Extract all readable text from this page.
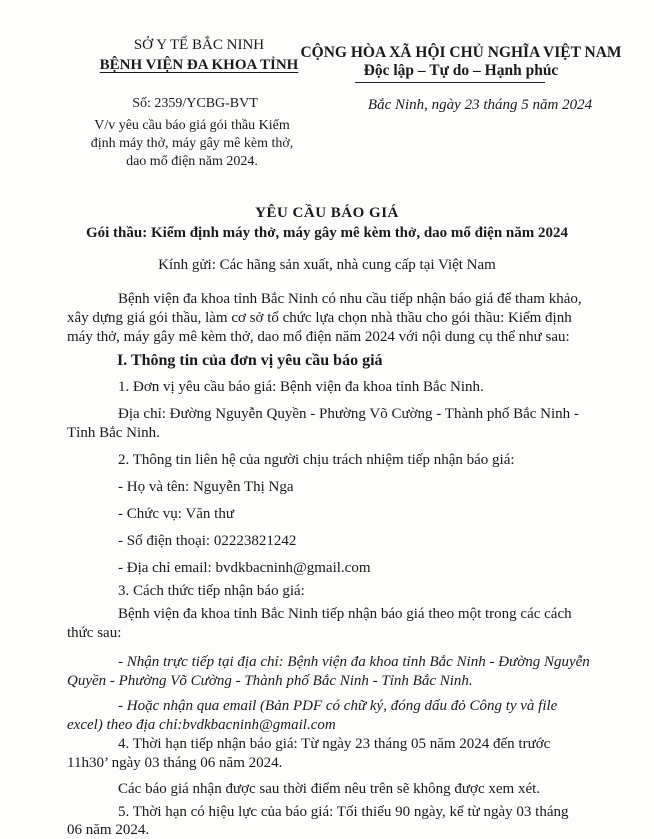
SỞ Y TẾ BẮC NINH
BỆNH VIỆN ĐA KHOA TỈNH
CỘNG HÒA XÃ HỘI CHỦ NGHĨA VIỆT NAM
Độc lập – Tự do – Hạnh phúc
Số: 2359/YCBG-BVT
V/v yêu cầu báo giá gói thầu Kiểm
định máy thở, máy gây mê kèm thở,
dao mổ điện năm 2024.
Bắc Ninh, ngày 23 tháng 5 năm 2024
YÊU CẦU BÁO GIÁ
Gói thầu: Kiểm định máy thở, máy gây mê kèm thở, dao mổ điện năm 2024
Kính gửi: Các hãng sản xuất, nhà cung cấp tại Việt Nam
Bệnh viện đa khoa tỉnh Bắc Ninh có nhu cầu tiếp nhận báo giá để tham khảo,
xây dựng giá gói thầu, làm cơ sở tổ chức lựa chọn nhà thầu cho gói thầu: Kiểm định
máy thở, máy gây mê kèm thở, dao mổ điện năm 2024 với nội dung cụ thể như sau:
I. Thông tin của đơn vị yêu cầu báo giá
1. Đơn vị yêu cầu báo giá: Bệnh viện đa khoa tỉnh Bắc Ninh.
Địa chỉ: Đường Nguyễn Quyền - Phường Võ Cường - Thành phố Bắc Ninh -
Tỉnh Bắc Ninh.
2. Thông tin liên hệ của người chịu trách nhiệm tiếp nhận báo giá:
- Họ và tên: Nguyễn Thị Nga
- Chức vụ: Văn thư
- Số điện thoại: 02223821242
- Địa chỉ email: bvdkbacninh@gmail.com
3. Cách thức tiếp nhận báo giá:
Bệnh viện đa khoa tỉnh Bắc Ninh tiếp nhận báo giá theo một trong các cách
thức sau:
- Nhận trực tiếp tại địa chỉ: Bệnh viện đa khoa tỉnh Bắc Ninh - Đường Nguyễn
Quyền - Phường Võ Cường - Thành phố Bắc Ninh - Tỉnh Bắc Ninh.
- Hoặc nhận qua email (Bản PDF có chữ ký, đóng dấu đỏ Công ty và file
excel) theo địa chỉ:bvdkbacninh@gmail.com
4. Thời hạn tiếp nhận báo giá: Từ ngày 23 tháng 05 năm 2024 đến trước
11h30’ ngày 03 tháng 06 năm 2024.
Các báo giá nhận được sau thời điểm nêu trên sẽ không được xem xét.
5. Thời hạn có hiệu lực của báo giá: Tối thiểu 90 ngày, kể từ ngày 03 tháng
06 năm 2024.
